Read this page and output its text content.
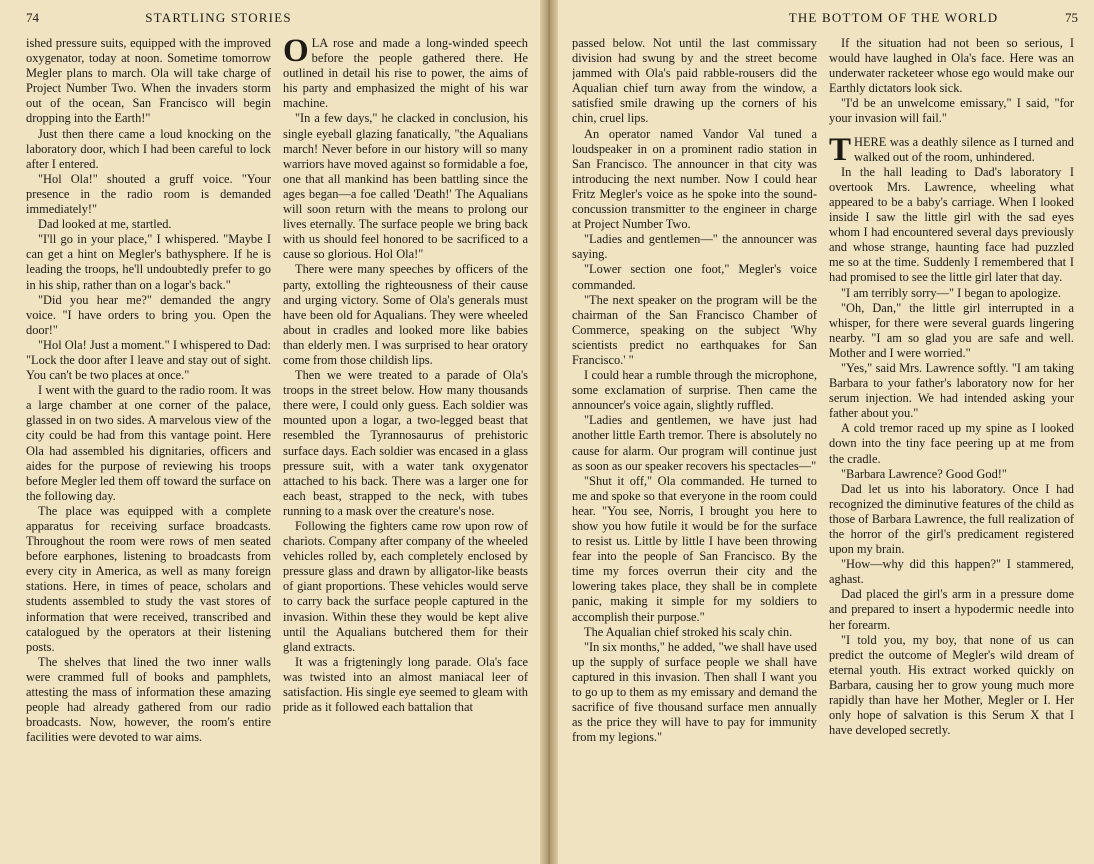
74	STARTLING STORIES

ished pressure suits, equipped with the improved oxygenator, today at noon. Sometime tomorrow Megler plans to march. Ola will take charge of Project Number Two. When the invaders storm out of the ocean, San Francisco will begin dropping into the Earth!"

Just then there came a loud knocking on the laboratory door, which I had been careful to lock after I entered.

"Hol Ola!" shouted a gruff voice. "Your presence in the radio room is demanded immediately!"

Dad looked at me, startled.

"I'll go in your place," I whispered. "Maybe I can get a hint on Megler's bathysphere. If he is leading the troops, he'll undoubtedly prefer to go in his ship, rather than on a logar's back."

"Did you hear me?" demanded the angry voice. "I have orders to bring you. Open the door!"

"Hol Ola! Just a moment." I whispered to Dad: "Lock the door after I leave and stay out of sight. You can't be two places at once."

I went with the guard to the radio room. It was a large chamber at one corner of the palace, glassed in on two sides. A marvelous view of the city could be had from this vantage point. Here Ola had assembled his dignitaries, officers and aides for the purpose of reviewing his troops before Megler led them off toward the surface on the following day.

The place was equipped with a complete apparatus for receiving surface broadcasts. Throughout the room were rows of men seated before earphones, listening to broadcasts from every city in America, as well as many foreign stations. Here, in times of peace, scholars and students assembled to study the vast stores of information that were received, transcribed and catalogued by the operators at their listening posts.

The shelves that lined the two inner walls were crammed full of books and pamphlets, attesting the mass of information these amazing people had already gathered from our radio broadcasts. Now, however, the room's entire facilities were devoted to war aims.

OLA rose and made a long-winded speech before the people gathered there. He outlined in detail his rise to power, the aims of his party and emphasized the might of his war machine.

"In a few days," he clacked in conclusion, his single eyeball glazing fanatically, "the Aqualians march! Never before in our history will so many warriors have moved against so formidable a foe, one that all mankind has been battling since the ages began—a foe called 'Death!' The Aqualians will soon return with the means to prolong our lives eternally. The surface people we bring back with us should feel honored to be sacrificed to a cause so glorious. Hol Ola!"

There were many speeches by officers of the party, extolling the righteousness of their cause and urging victory. Some of Ola's generals must have been old for Aqualians. They were wheeled about in cradles and looked more like babies than elderly men. I was surprised to hear oratory come from those childish lips.

Then we were treated to a parade of Ola's troops in the street below. How many thousands there were, I could only guess. Each soldier was mounted upon a logar, a two-legged beast that resembled the Tyrannosaurus of prehistoric surface days. Each soldier was encased in a glass pressure suit, with a water tank oxygenator attached to his back. There was a larger one for each beast, strapped to the neck, with tubes running to a mask over the creature's nose.

Following the fighters came row upon row of chariots. Company after company of the wheeled vehicles rolled by, each completely enclosed by pressure glass and drawn by alligator-like beasts of giant proportions. These vehicles would serve to carry back the surface people captured in the invasion. Within these they would be kept alive until the Aqualians butchered them for their gland extracts.

It was a frigteningly long parade. Ola's face was twisted into an almost maniacal leer of satisfaction. His single eye seemed to gleam with pride as it followed each battalion that

THE BOTTOM OF THE WORLD	75

passed below. Not until the last commissary division had swung by and the street become jammed with Ola's paid rabble-rousers did the Aqualian chief turn away from the window, a satisfied smile drawing up the corners of his chin, cruel lips.

An operator named Vandor Val tuned a loudspeaker in on a prominent radio station in San Francisco. The announcer in that city was introducing the next number. Now I could hear Fritz Megler's voice as he spoke into the sound-concussion transmitter to the engineer in charge at Project Number Two.

"Ladies and gentlemen—" the announcer was saying.

"Lower section one foot," Megler's voice commanded.

"The next speaker on the program will be the chairman of the San Francisco Chamber of Commerce, speaking on the subject 'Why scientists predict no earthquakes for San Francisco.' "

I could hear a rumble through the microphone, some exclamation of surprise. Then came the announcer's voice again, slightly ruffled.

"Ladies and gentlemen, we have just had another little Earth tremor. There is absolutely no cause for alarm. Our program will continue just as soon as our speaker recovers his spectacles—"

"Shut it off," Ola commanded. He turned to me and spoke so that everyone in the room could hear. "You see, Norris, I brought you here to show you how futile it would be for the surface to resist us. Little by little I have been throwing fear into the people of San Francisco. By the time my forces overrun their city and the lowering takes place, they shall be in complete panic, making it simple for my soldiers to accomplish their purpose."

The Aqualian chief stroked his scaly chin.

"In six months," he added, "we shall have used up the supply of surface people we shall have captured in this invasion. Then shall I want you to go up to them as my emissary and demand the sacrifice of five thousand surface men annually as the price they will have to pay for immunity from my legions."

If the situation had not been so serious, I would have laughed in Ola's face. Here was an underwater racketeer whose ego would make our Earthly dictators look sick.

"I'd be an unwelcome emissary," I said, "for your invasion will fail."

THERE was a deathly silence as I turned and walked out of the room, unhindered.

In the hall leading to Dad's laboratory I overtook Mrs. Lawrence, wheeling what appeared to be a baby's carriage. When I looked inside I saw the little girl with the sad eyes whom I had encountered several days previously and whose strange, haunting face had puzzled me so at the time. Suddenly I remembered that I had promised to see the little girl later that day.

"I am terribly sorry—" I began to apologize.

"Oh, Dan," the little girl interrupted in a whisper, for there were several guards lingering nearby. "I am so glad you are safe and well. Mother and I were worried."

"Yes," said Mrs. Lawrence softly. "I am taking Barbara to your father's laboratory now for her serum injection. We had intended asking your father about you."

A cold tremor raced up my spine as I looked down into the tiny face peering up at me from the cradle.

"Barbara Lawrence? Good God!"

Dad let us into his laboratory. Once I had recognized the diminutive features of the child as those of Barbara Lawrence, the full realization of the horror of the girl's predicament registered upon my brain.

"How—why did this happen?" I stammered, aghast.

Dad placed the girl's arm in a pressure dome and prepared to insert a hypodermic needle into her forearm.

"I told you, my boy, that none of us can predict the outcome of Megler's wild dream of eternal youth. His extract worked quickly on Barbara, causing her to grow young much more rapidly than have her Mother, Megler or I. Her only hope of salvation is this Serum X that I have developed secretly.
